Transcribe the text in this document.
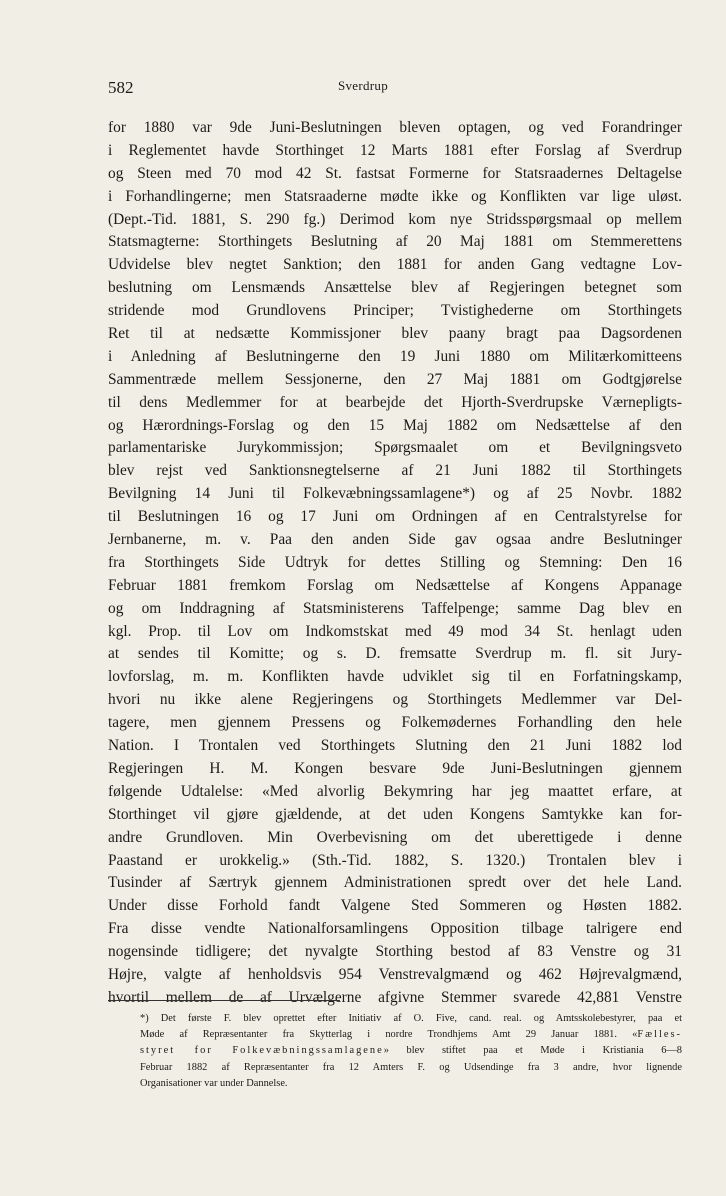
582	Sverdrup
for 1880 var 9de Juni-Beslutningen bleven optagen, og ved Forandringer
i Reglementet havde Storthinget 12 Marts 1881 efter Forslag af Sverdrup
og Steen med 70 mod 42 St. fastsat Formerne for Statsraadernes Deltagelse
i Forhandlingerne; men Statsraaderne mødte ikke og Konflikten var lige uløst.
(Dept.-Tid. 1881, S. 290 fg.) Derimod kom nye Stridsspørgsmaal op mellem
Statsmagterne: Storthingets Beslutning af 20 Maj 1881 om Stemmerettens
Udvidelse blev negtet Sanktion; den 1881 for anden Gang vedtagne Lov-
beslutning om Lensmænds Ansættelse blev af Regjeringen betegnet som
stridende mod Grundlovens Principer; Tvistighederne om Storthingets
Ret til at nedsætte Kommissjoner blev paany bragt paa Dagsordenen
i Anledning af Beslutningerne den 19 Juni 1880 om Militærkomitteens
Sammentræde mellem Sessjonerne, den 27 Maj 1881 om Godtgjørelse
til dens Medlemmer for at bearbejde det Hjorth-Sverdrupske Værnepligts-
og Hærordnings-Forslag og den 15 Maj 1882 om Nedsættelse af den
parlamentariske Jurykommissjon; Spørgsmaalet om et Bevilgningsveto
blev rejst ved Sanktionsnegtelserne af 21 Juni 1882 til Storthingets
Bevilgning 14 Juni til Folkevæbningssamlagene*) og af 25 Novbr. 1882
til Beslutningen 16 og 17 Juni om Ordningen af en Centralstyrelse for
Jernbanerne, m. v. Paa den anden Side gav ogsaa andre Beslutninger
fra Storthingets Side Udtryk for dettes Stilling og Stemning: Den 16
Februar 1881 fremkom Forslag om Nedsættelse af Kongens Appanage
og om Inddragning af Statsministerens Taffelpenge; samme Dag blev en
kgl. Prop. til Lov om Indkomstskat med 49 mod 34 St. henlagt uden
at sendes til Komitte; og s. D. fremsatte Sverdrup m. fl. sit Jury-
lovforslag, m. m. Konflikten havde udviklet sig til en Forfatningskamp,
hvori nu ikke alene Regjeringens og Storthingets Medlemmer var Del-
tagere, men gjennem Pressens og Folkemødernes Forhandling den hele
Nation. I Trontalen ved Storthingets Slutning den 21 Juni 1882 lod
Regjeringen H. M. Kongen besvare 9de Juni-Beslutningen gjennem
følgende Udtalelse: «Med alvorlig Bekymring har jeg maattet erfare, at
Storthinget vil gjøre gjældende, at det uden Kongens Samtykke kan for-
andre Grundloven. Min Overbevisning om det uberettigede i denne
Paastand er urokkelig.» (Sth.-Tid. 1882, S. 1320.) Trontalen blev i
Tusinder af Særtryk gjennem Administrationen spredt over det hele Land.
Under disse Forhold fandt Valgene Sted Sommeren og Høsten 1882.
Fra disse vendte Nationalforsamlingens Opposition tilbage talrigere end
nogensinde tidligere; det nyvalgte Storthing bestod af 83 Venstre og 31
Højre, valgte af henholdsvis 954 Venstrevalgmænd og 462 Højrevalgmænd,
hvortil mellem de af Urvælgerne afgivne Stemmer svarede 42,881 Venstre
*) Det første F. blev oprettet efter Initiativ af O. Five, cand. real. og Amtsskolebestyrer, paa et
Møde af Repræsentanter fra Skytterlag i nordre Trondhjems Amt 29 Januar 1881. «Fælles-
styret for Folkevæbningssamlagene» blev stiftet paa et Møde i Kristiania 6—8
Februar 1882 af Repræsentanter fra 12 Amters F. og Udsendinge fra 3 andre, hvor lignende
Organisationer var under Dannelse.
